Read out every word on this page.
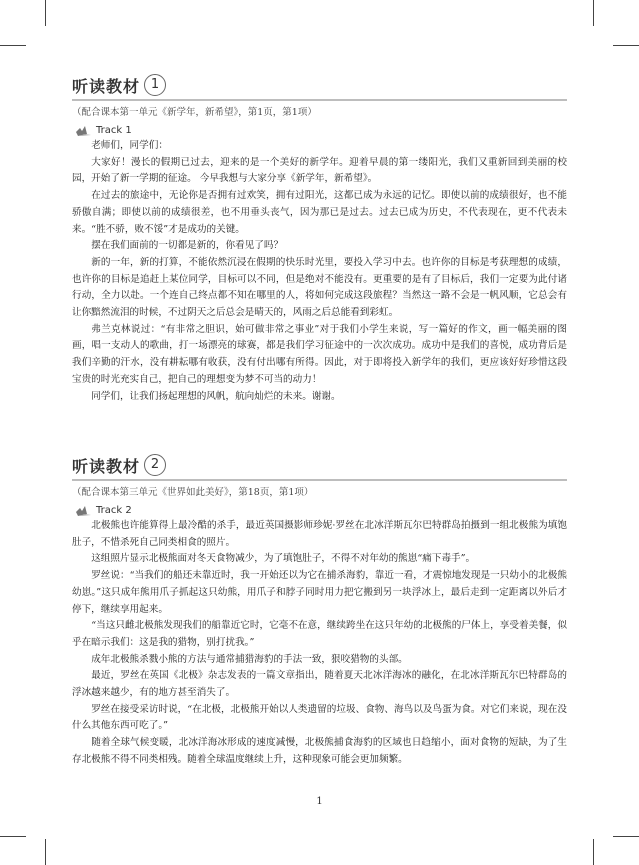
听读教材 1
（配合课本第一单元《新学年，新希望》，第1页，第1项）
Track 1

老师们，同学们：

大家好！漫长的假期已过去，迎来的是一个美好的新学年。迎着早晨的第一缕阳光，我们又重新回到美丽的校园，开始了新一学期的征途。 今早我想与大家分享《新学年，新希望》。

在过去的旅途中，无论你是否拥有过欢笑，拥有过阳光，这都已成为永远的记忆。即使以前的成绩很好，也不能骄傲自满；即使以前的成绩很差，也不用垂头丧气，因为那已是过去。过去已成为历史，不代表现在，更不代表未来。“胜不骄，败不馁”才是成功的关键。

摆在我们面前的一切都是新的，你看见了吗？

新的一年，新的打算，不能依然沉浸在假期的快乐时光里，要投入学习中去。也许你的目标是考获理想的成绩，也许你的目标是追赶上某位同学，目标可以不同，但是绝对不能没有。更重要的是有了目标后，我们一定要为此付诸行动，全力以赴。一个连自己终点都不知在哪里的人，将如何完成这段旅程？当然这一路不会是一帆风顺，它总会有让你黯然流泪的时候，不过阴天之后总会是晴天的，风雨之后总能看到彩虹。

弗兰克林说过：“有非常之胆识，始可做非常之事业”对于我们小学生来说，写一篇好的作文，画一幅美丽的图画，唱一支动人的歌曲，打一场漂亮的球赛，都是我们学习征途中的一次次成功。成功中是我们的喜悦，成功背后是我们辛勤的汗水，没有耕耘哪有收获，没有付出哪有所得。因此，对于即将投入新学年的我们，更应该好好珍惜这段宝贵的时光充实自己，把自己的理想变为梦不可当的动力！

同学们，让我们扬起理想的风帆，航向灿烂的未来。谢谢。

听读教材 2
（配合课本第三单元《世界如此美好》，第18页，第1项）
Track 2

北极熊也许能算得上最冷酷的杀手，最近英国摄影师珍妮·罗丝在北冰洋斯瓦尔巴特群岛拍摄到一组北极熊为填饱肚子，不惜杀死自己同类相食的照片。

这组照片显示北极熊面对冬天食物减少，为了填饱肚子，不得不对年幼的熊崽“痛下毒手”。

罗丝说：“当我们的船还未靠近时，我一开始还以为它在捕杀海豹，靠近一看，才震惊地发现是一只幼小的北极熊幼崽。”这只成年熊用爪子抓起这只幼熊，用爪子和脖子同时用力把它搬到另一块浮冰上，最后走到一定距离以外后才停下，继续享用起来。

“当这只雌北极熊发现我们的船靠近它时，它毫不在意，继续跨坐在这只年幼的北极熊的尸体上，享受着美餐，似乎在暗示我们：这是我的猎物，别打扰我。”

成年北极熊杀戮小熊的方法与通常捕猎海豹的手法一致，狠咬猎物的头部。

最近，罗丝在英国《北极》杂志发表的一篇文章指出，随着夏天北冰洋海冰的融化，在北冰洋斯瓦尔巴特群岛的浮冰越来越少，有的地方甚至消失了。

罗丝在接受采访时说，“在北极，北极熊开始以人类遗留的垃圾、食物、海鸟以及鸟蛋为食。对它们来说，现在没什么其他东西可吃了。”

随着全球气候变暖，北冰洋海冰形成的速度减慢，北极熊捕食海豹的区域也日趋缩小，面对食物的短缺，为了生存北极熊不得不同类相残。随着全球温度继续上升，这种现象可能会更加频繁。

1
